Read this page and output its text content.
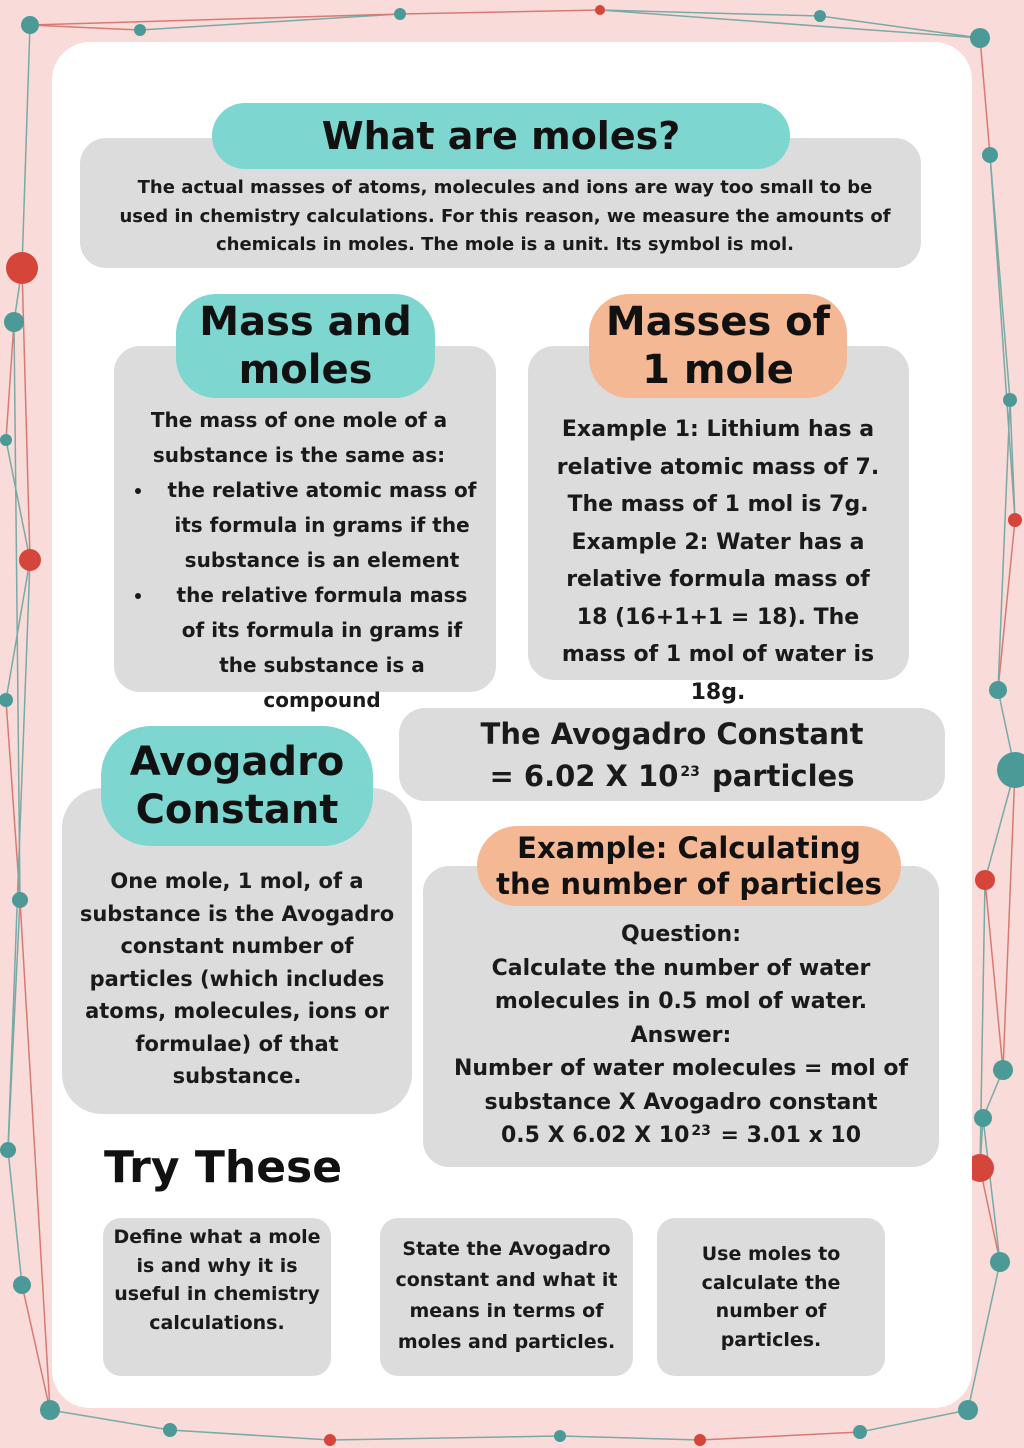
What are moles?
The actual masses of atoms, molecules and ions are way too small to be used in chemistry calculations. For this reason, we measure the amounts of chemicals in moles. The mole is a unit. Its symbol is mol.
Mass and
moles
The mass of one mole of a substance is the same as:
• the relative atomic mass of its formula in grams if the substance is an element
• the relative formula mass of its formula in grams if the substance is a compound
Masses of
1 mole
Example 1: Lithium has a relative atomic mass of 7. The mass of 1 mol is 7g. Example 2: Water has a relative formula mass of 18 (16+1+1 = 18). The mass of 1 mol of water is 18g.
The Avogadro Constant
= 6.02 X 10 $^{23}$ particles
Avogadro
Constant
One mole, 1 mol, of a substance is the Avogadro constant number of particles (which includes atoms, molecules, ions or formulae) of that substance.
Example: Calculating
the number of particles
Question:
Calculate the number of water molecules in 0.5 mol of water.
Answer:
Number of water molecules = mol of substance X Avogadro constant
0.5 X 6.02 X 10 $^{23}$ = 3.01 x 10
Try These
Define what a mole is and why it is useful in chemistry calculations.
State the Avogadro constant and what it means in terms of moles and particles.
Use moles to calculate the number of particles.
